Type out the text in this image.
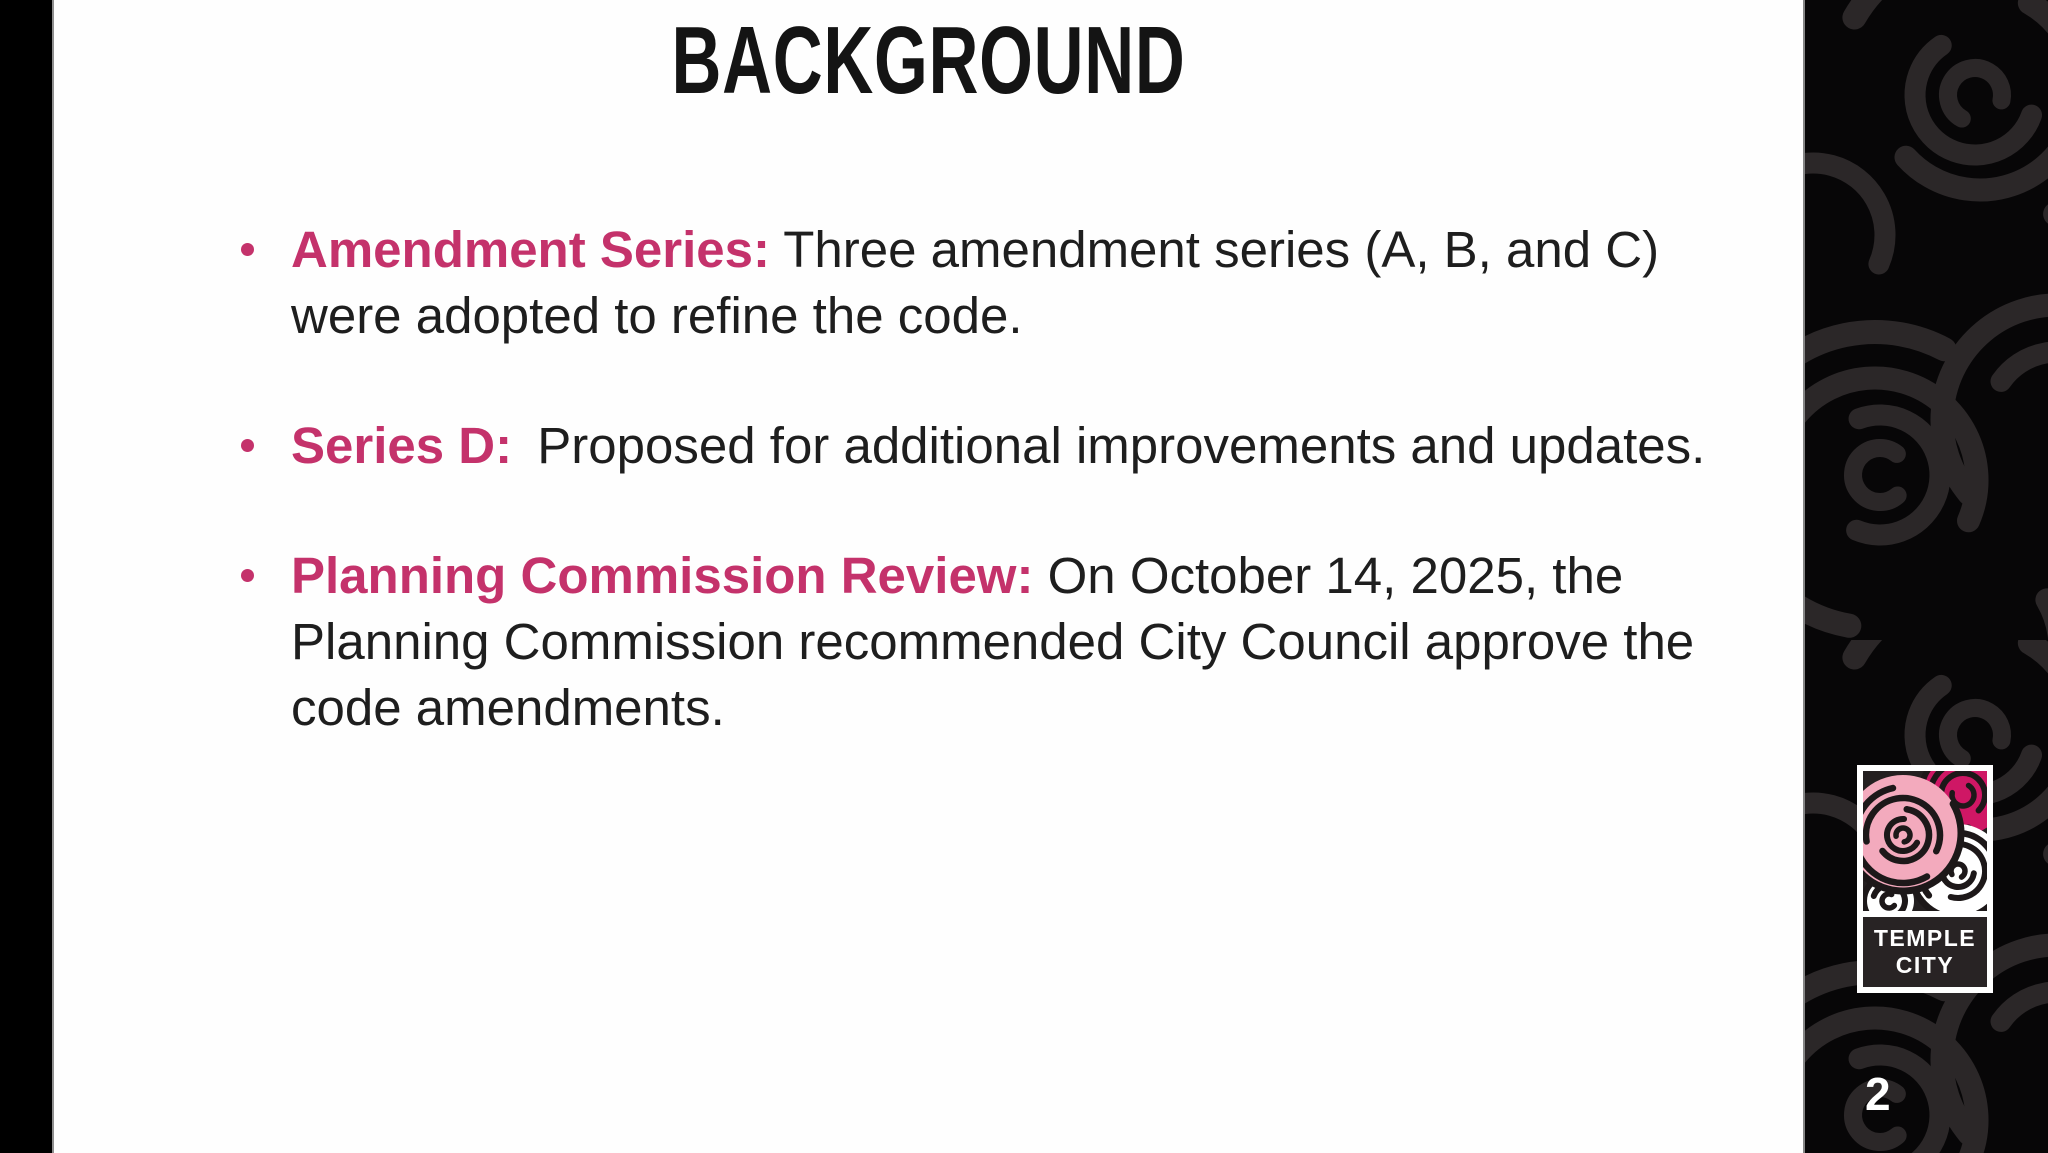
BACKGROUND
Amendment Series: Three amendment series (A, B, and C) were adopted to refine the code.
Series D: Proposed for additional improvements and updates.
Planning Commission Review: On October 14, 2025, the Planning Commission recommended City Council approve the code amendments.
TEMPLE
CITY
2
